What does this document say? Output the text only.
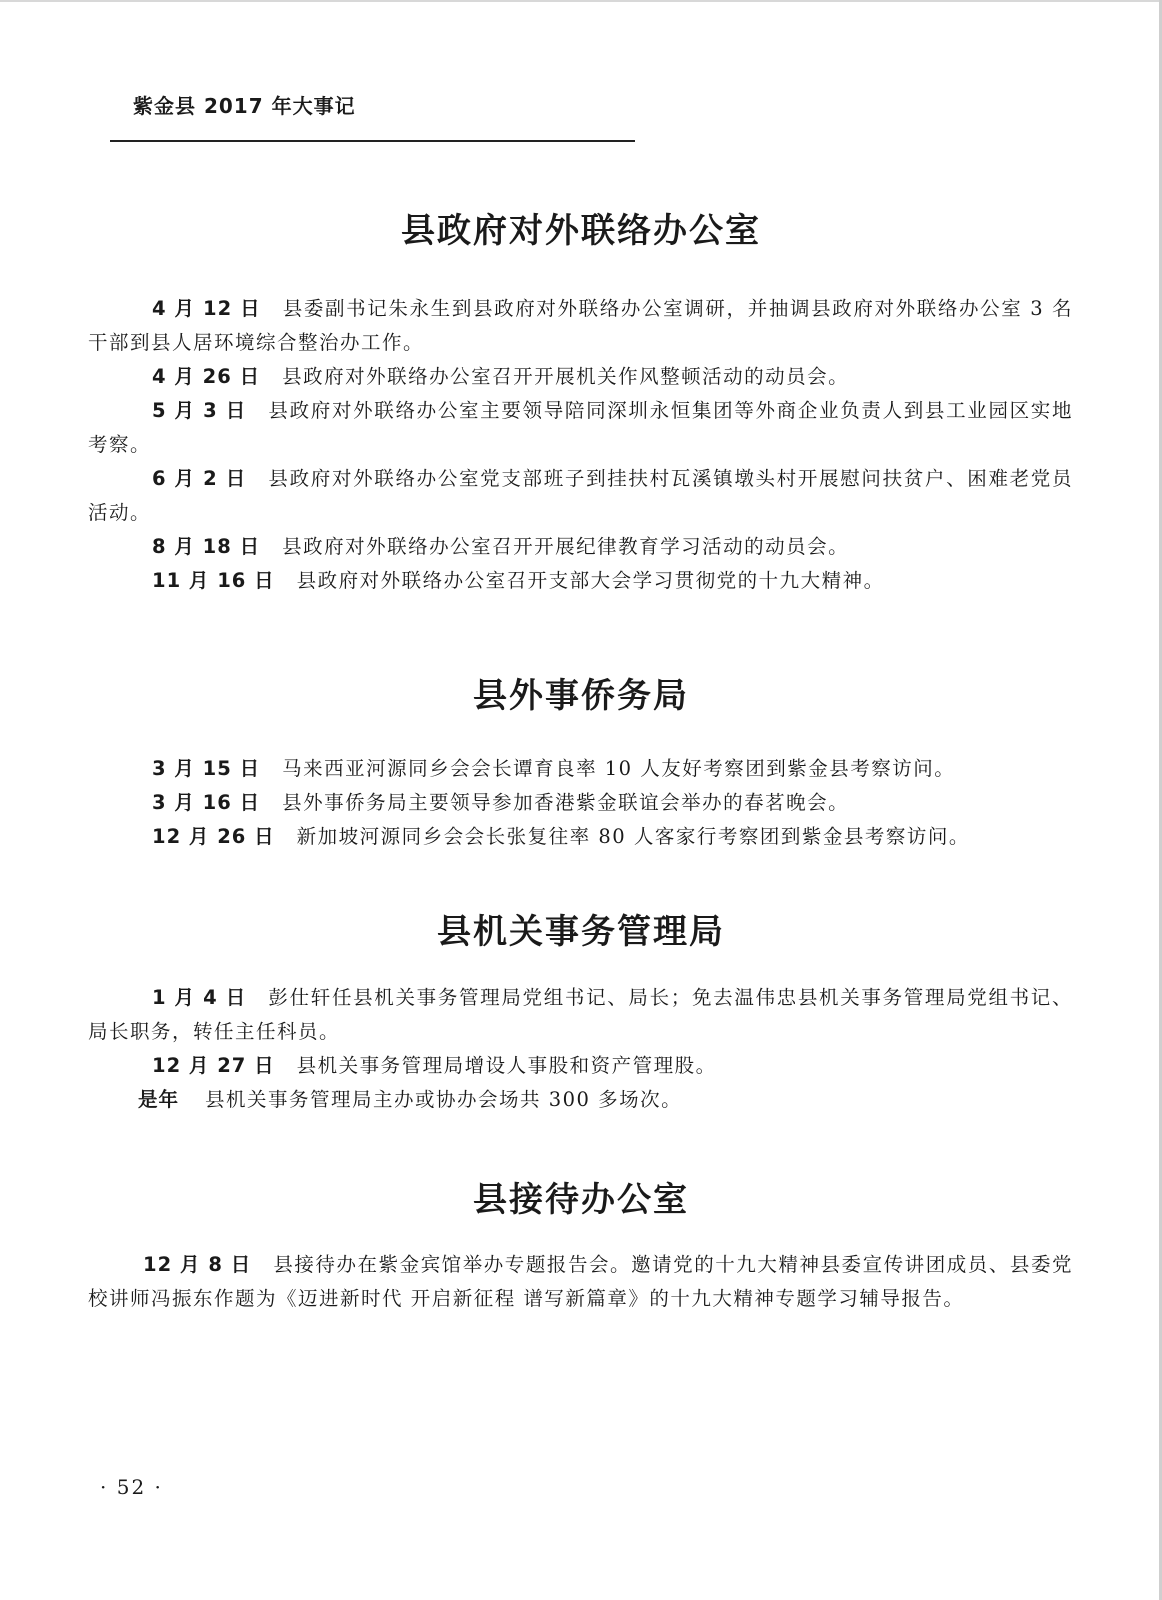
紫金县 2017 年大事记
县政府对外联络办公室

4 月 12 日 县委副书记朱永生到县政府对外联络办公室调研，并抽调县政府对外联络办公室 3 名干部到县人居环境综合整治办工作。

4 月 26 日 县政府对外联络办公室召开开展机关作风整顿活动的动员会。

5 月 3 日 县政府对外联络办公室主要领导陪同深圳永恒集团等外商企业负责人到县工业园区实地考察。

6 月 2 日 县政府对外联络办公室党支部班子到挂扶村瓦溪镇墩头村开展慰问扶贫户、困难老党员活动。

8 月 18 日 县政府对外联络办公室召开开展纪律教育学习活动的动员会。

11 月 16 日 县政府对外联络办公室召开支部大会学习贯彻党的十九大精神。

县外事侨务局

3 月 15 日 马来西亚河源同乡会会长谭育良率 10 人友好考察团到紫金县考察访问。

3 月 16 日 县外事侨务局主要领导参加香港紫金联谊会举办的春茗晚会。

12 月 26 日 新加坡河源同乡会会长张复往率 80 人客家行考察团到紫金县考察访问。

县机关事务管理局

1 月 4 日 彭仕轩任县机关事务管理局党组书记、局长；免去温伟忠县机关事务管理局党组书记、局长职务，转任主任科员。

12 月 27 日 县机关事务管理局增设人事股和资产管理股。

是年 县机关事务管理局主办或协办会场共 300 多场次。

县接待办公室

12 月 8 日 县接待办在紫金宾馆举办专题报告会。邀请党的十九大精神县委宣传讲团成员、县委党校讲师冯振东作题为《迈进新时代 开启新征程 谱写新篇章》的十九大精神专题学习辅导报告。

· 52 ·
